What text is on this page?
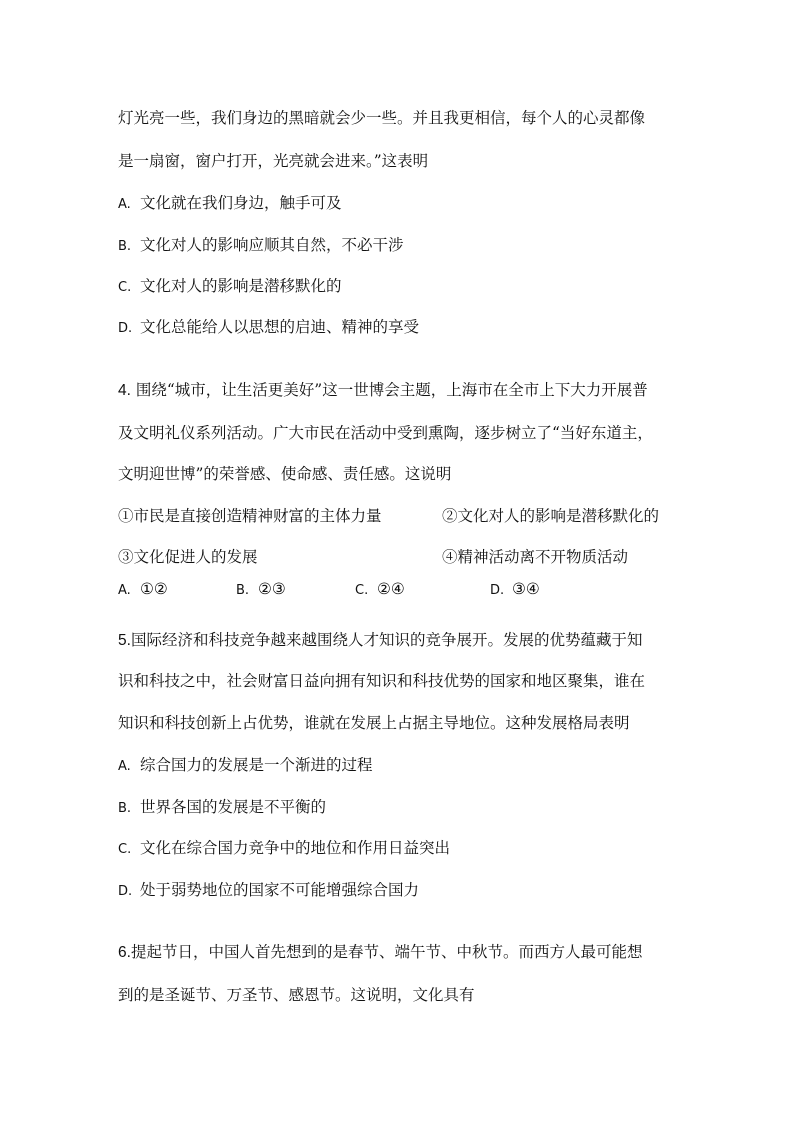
灯光亮一些，我们身边的黑暗就会少一些。并且我更相信，每个人的心灵都像
是一扇窗，窗户打开，光亮就会进来。”这表明
A. 文化就在我们身边，触手可及
B. 文化对人的影响应顺其自然，不必干涉
C. 文化对人的影响是潜移默化的
D. 文化总能给人以思想的启迪、精神的享受
4. 围绕“城市，让生活更美好”这一世博会主题，上海市在全市上下大力开展普
及文明礼仪系列活动。广大市民在活动中受到熏陶，逐步树立了“当好东道主，
文明迎世博”的荣誉感、使命感、责任感。这说明
①市民是直接创造精神财富的主体力量	②文化对人的影响是潜移默化的
③文化促进人的发展	④精神活动离不开物质活动
A. ①②	B. ②③	C. ②④	D. ③④
5.国际经济和科技竞争越来越围绕人才知识的竞争展开。发展的优势蕴藏于知
识和科技之中，社会财富日益向拥有知识和科技优势的国家和地区聚集，谁在
知识和科技创新上占优势，谁就在发展上占据主导地位。这种发展格局表明
A. 综合国力的发展是一个渐进的过程
B. 世界各国的发展是不平衡的
C. 文化在综合国力竞争中的地位和作用日益突出
D. 处于弱势地位的国家不可能增强综合国力
6.提起节日，中国人首先想到的是春节、端午节、中秋节。而西方人最可能想
到的是圣诞节、万圣节、感恩节。这说明，文化具有
